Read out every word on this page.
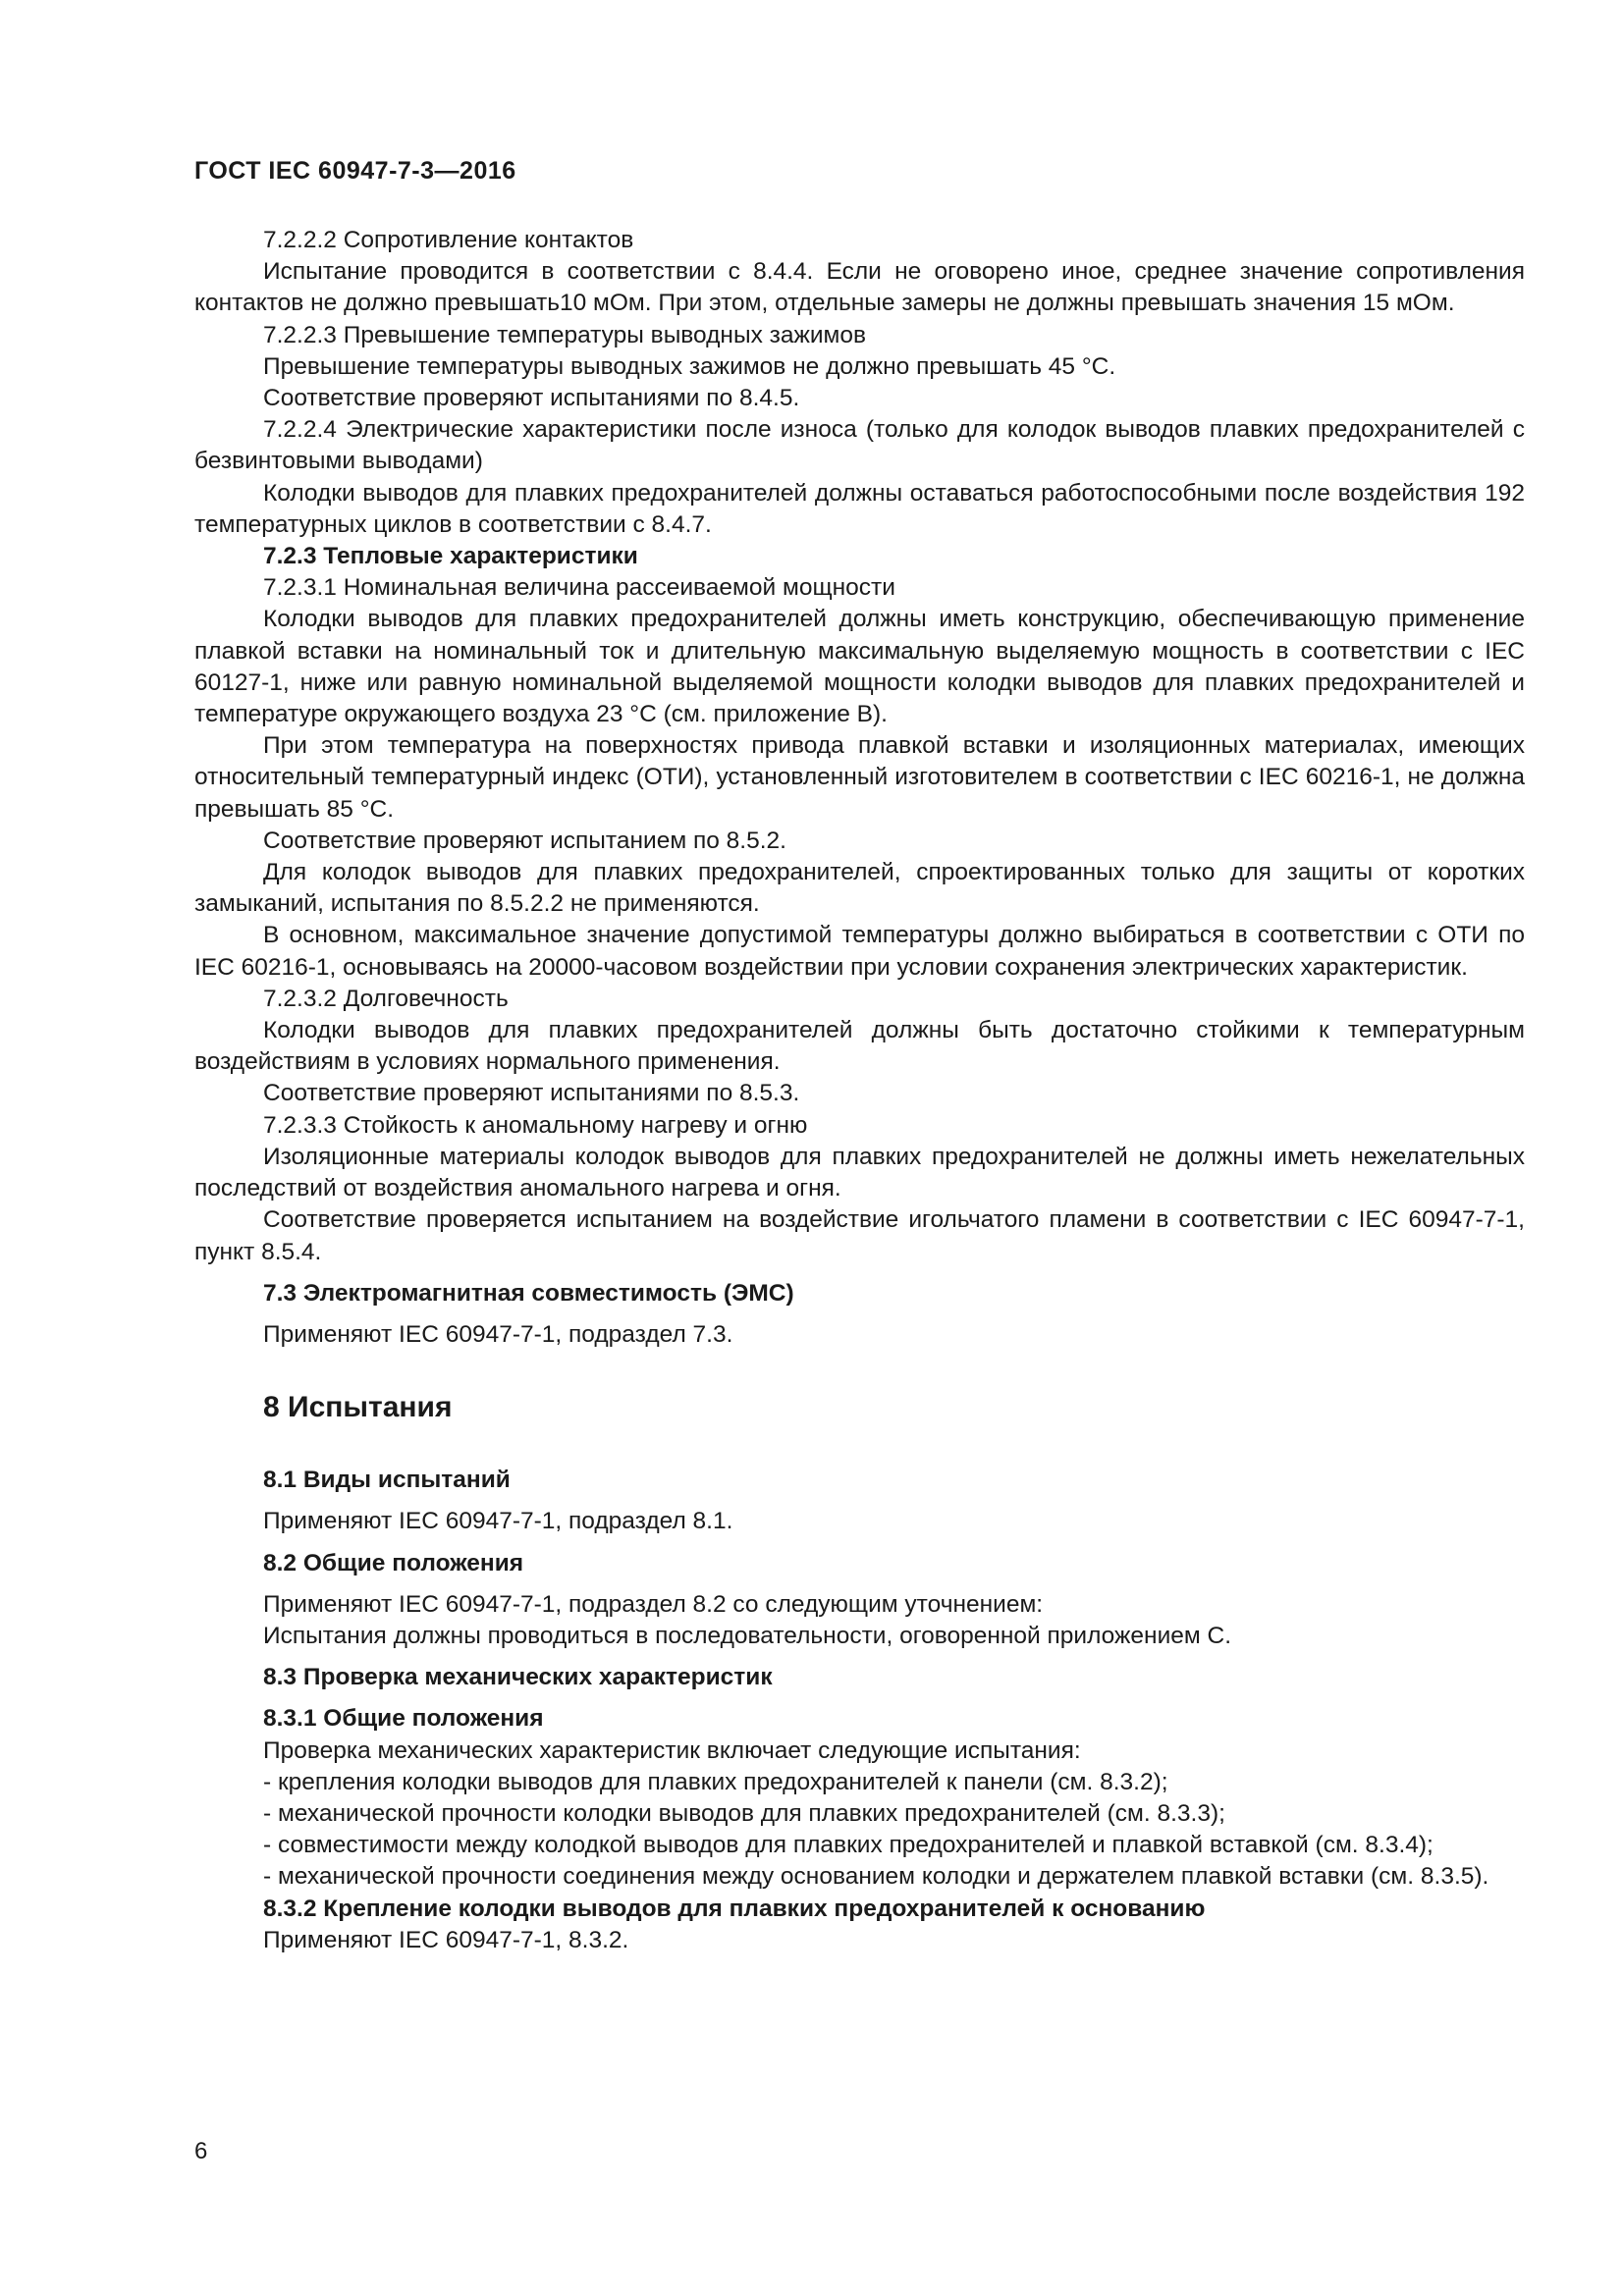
ГОСТ IEC 60947-7-3—2016

7.2.2.2 Сопротивление контактов

Испытание проводится в соответствии с 8.4.4. Если не оговорено иное, среднее значение сопротивления контактов не должно превышать10 мОм. При этом, отдельные замеры не должны превышать значения 15 мОм.

7.2.2.3 Превышение температуры выводных зажимов

Превышение температуры выводных зажимов не должно превышать 45 °С.

Соответствие проверяют испытаниями по 8.4.5.

7.2.2.4 Электрические характеристики после износа (только для колодок выводов плавких предохранителей с безвинтовыми выводами)

Колодки выводов для плавких предохранителей должны оставаться работоспособными после воздействия 192 температурных циклов в соответствии с 8.4.7.

7.2.3 Тепловые характеристики

7.2.3.1 Номинальная величина рассеиваемой мощности

Колодки выводов для плавких предохранителей должны иметь конструкцию, обеспечивающую применение плавкой вставки на номинальный ток и длительную максимальную выделяемую мощность в соответствии с IEC 60127-1, ниже или равную номинальной выделяемой мощности колодки выводов для плавких предохранителей и температуре окружающего воздуха 23 °С (см. приложение В).

При этом температура на поверхностях привода плавкой вставки и изоляционных материалах, имеющих относительный температурный индекс (ОТИ), установленный изготовителем в соответствии с IEC 60216-1, не должна превышать 85 °С.

Соответствие проверяют испытанием по 8.5.2.

Для колодок выводов для плавких предохранителей, спроектированных только для защиты от коротких замыканий, испытания по 8.5.2.2 не применяются.

В основном, максимальное значение допустимой температуры должно выбираться в соответствии с ОТИ по IEC 60216-1, основываясь на 20000-часовом воздействии при условии сохранения электрических характеристик.

7.2.3.2 Долговечность

Колодки выводов для плавких предохранителей должны быть достаточно стойкими к температурным воздействиям в условиях нормального применения.

Соответствие проверяют испытаниями по 8.5.3.

7.2.3.3 Стойкость к аномальному нагреву и огню

Изоляционные материалы колодок выводов для плавких предохранителей не должны иметь нежелательных последствий от воздействия аномального нагрева и огня.

Соответствие проверяется испытанием на воздействие игольчатого пламени в соответствии с IEC 60947-7-1, пункт 8.5.4.

7.3 Электромагнитная совместимость (ЭМС)

Применяют IEC 60947-7-1, подраздел 7.3.

8 Испытания

8.1 Виды испытаний

Применяют IEC 60947-7-1, подраздел 8.1.

8.2 Общие положения

Применяют IEC 60947-7-1, подраздел 8.2 со следующим уточнением:

Испытания должны проводиться в последовательности, оговоренной приложением С.

8.3 Проверка механических характеристик

8.3.1 Общие положения

Проверка механических характеристик включает следующие испытания:

- крепления колодки выводов для плавких предохранителей к панели (см. 8.3.2);

- механической прочности колодки выводов для плавких предохранителей (см. 8.3.3);

- совместимости между колодкой выводов для плавких предохранителей и плавкой вставкой (см. 8.3.4);

- механической прочности соединения между основанием колодки и держателем плавкой вставки (см. 8.3.5).

8.3.2 Крепление колодки выводов для плавких предохранителей к основанию

Применяют IEC 60947-7-1, 8.3.2.

6
